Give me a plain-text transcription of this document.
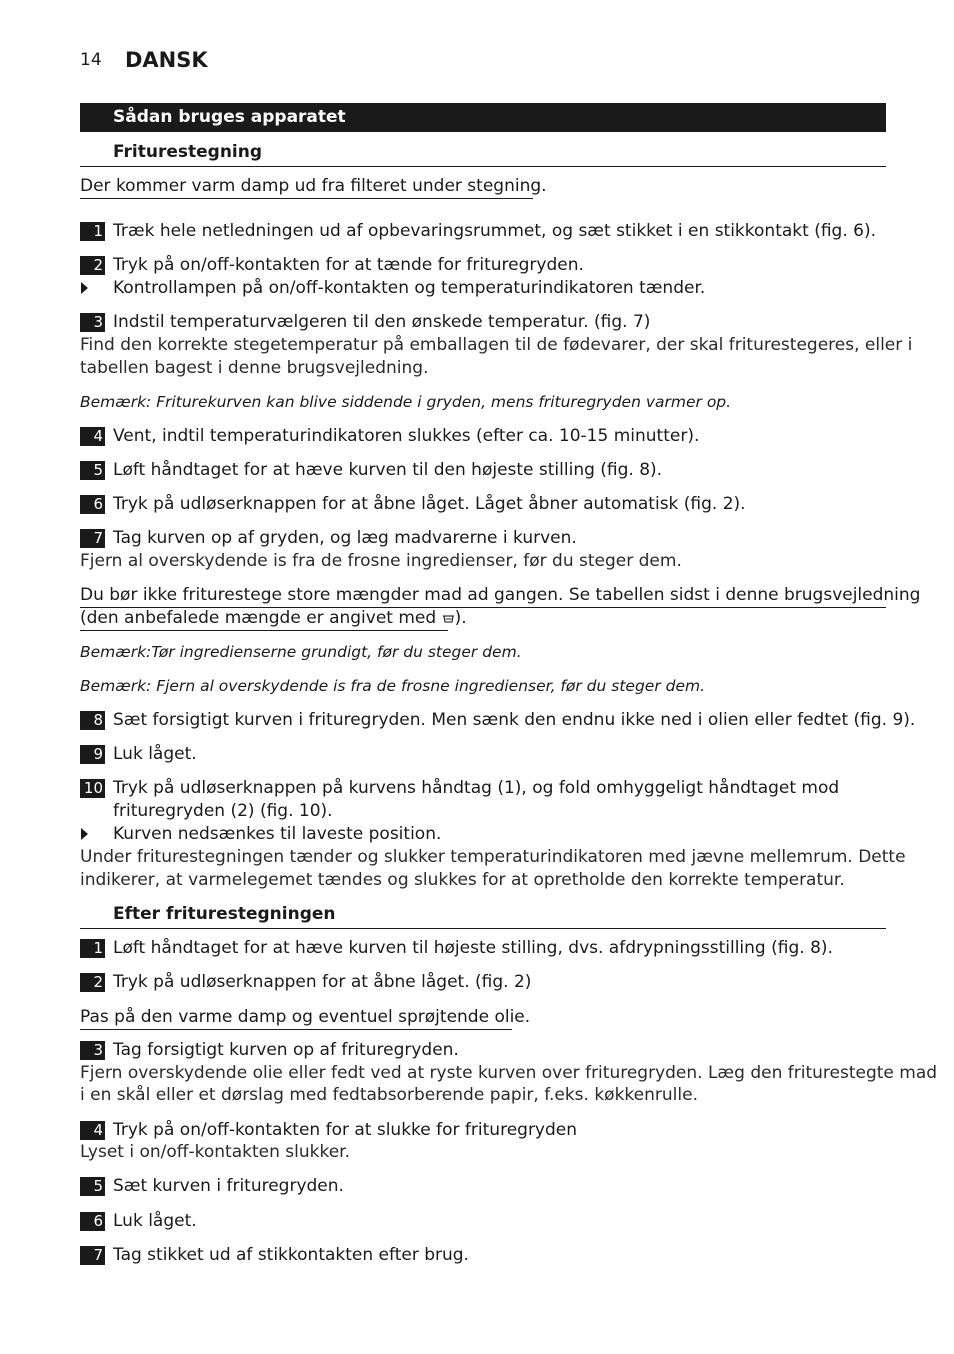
14 DANSK
Sådan bruges apparatet
Friturestegning
Der kommer varm damp ud fra filteret under stegning.
1 Træk hele netledningen ud af opbevaringsrummet, og sæt stikket i en stikkontakt (fig. 6).
2 Tryk på on/off-kontakten for at tænde for frituregryden.
Kontrollampen på on/off-kontakten og temperaturindikatoren tænder.
3 Indstil temperaturvælgeren til den ønskede temperatur. (fig. 7)
Find den korrekte stegetemperatur på emballagen til de fødevarer, der skal friturestegeres, eller i
tabellen bagest i denne brugsvejledning.
Bemærk: Friturekurven kan blive siddende i gryden, mens frituregryden varmer op.
4 Vent, indtil temperaturindikatoren slukkes (efter ca. 10-15 minutter).
5 Løft håndtaget for at hæve kurven til den højeste stilling (fig. 8).
6 Tryk på udløserknappen for at åbne låget. Låget åbner automatisk (fig. 2).
7 Tag kurven op af gryden, og læg madvarerne i kurven.
Fjern al overskydende is fra de frosne ingredienser, før du steger dem.
Du bør ikke friturestege store mængder mad ad gangen. Se tabellen sidst i denne brugsvejledning
(den anbefalede mængde er angivet med ).
Bemærk:Tør ingredienserne grundigt, før du steger dem.
Bemærk: Fjern al overskydende is fra de frosne ingredienser, før du steger dem.
8 Sæt forsigtigt kurven i frituregryden. Men sænk den endnu ikke ned i olien eller fedtet (fig. 9).
9 Luk låget.
10 Tryk på udløserknappen på kurvens håndtag (1), og fold omhyggeligt håndtaget mod
frituregryden (2) (fig. 10).
Kurven nedsænkes til laveste position.
Under friturestegningen tænder og slukker temperaturindikatoren med jævne mellemrum. Dette
indikerer, at varmelegemet tændes og slukkes for at opretholde den korrekte temperatur.
Efter friturestegningen
1 Løft håndtaget for at hæve kurven til højeste stilling, dvs. afdrypningsstilling (fig. 8).
2 Tryk på udløserknappen for at åbne låget. (fig. 2)
Pas på den varme damp og eventuel sprøjtende olie.
3 Tag forsigtigt kurven op af frituregryden.
Fjern overskydende olie eller fedt ved at ryste kurven over frituregryden. Læg den friturestegte mad
i en skål eller et dørslag med fedtabsorberende papir, f.eks. køkkenrulle.
4 Tryk på on/off-kontakten for at slukke for frituregryden
Lyset i on/off-kontakten slukker.
5 Sæt kurven i frituregryden.
6 Luk låget.
7 Tag stikket ud af stikkontakten efter brug.
